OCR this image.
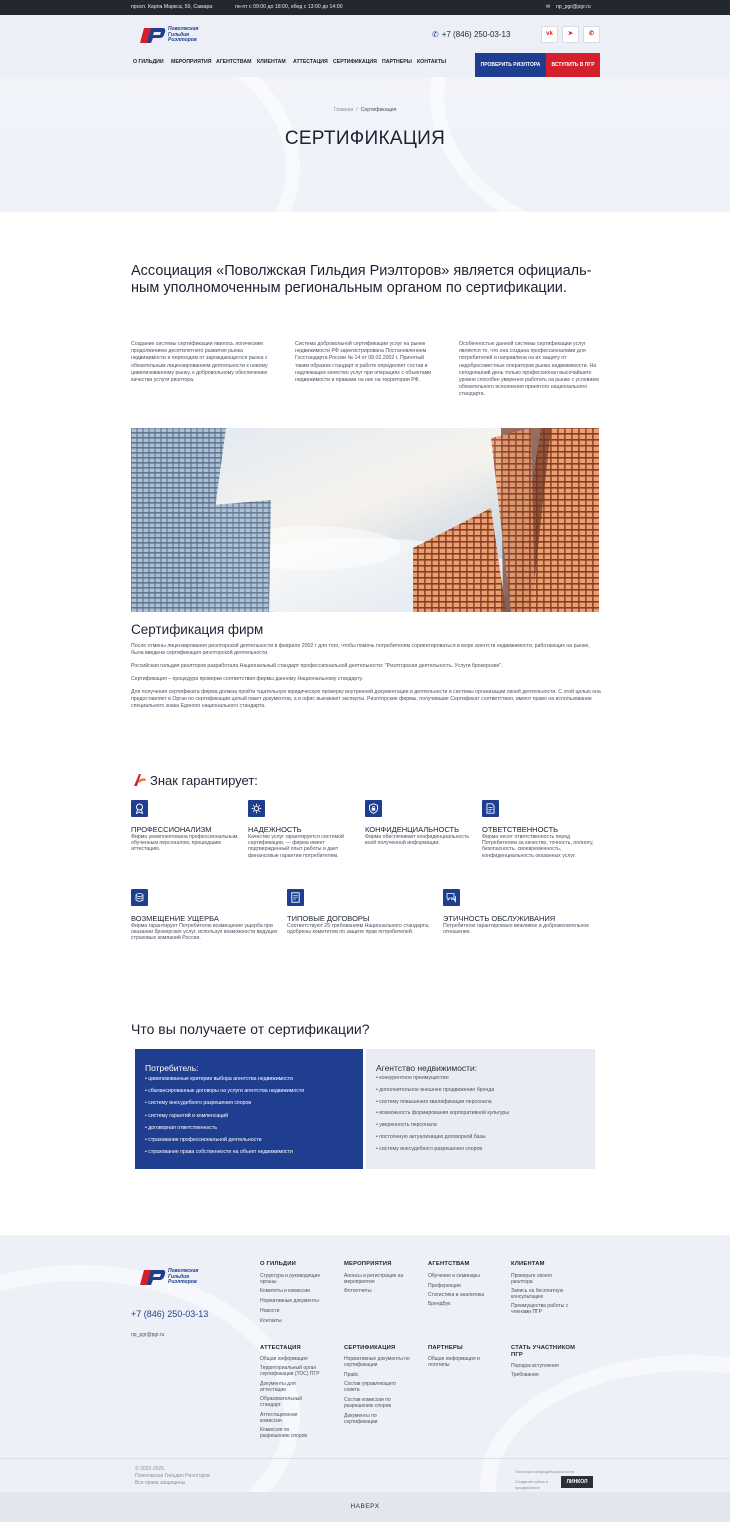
просп. Карла Маркса, 59, Самара	пн-пт с 09:00 до 18:00, обед с 13:00 до 14:00	✉ np_pgr@pgr.ru
Поволжская
Гильдия
Риэлторов
✆ +7 (846) 250-03-13	vk	➤	✆
О ГИЛЬДИИ МЕРОПРИЯТИЯ АГЕНТСТВАМ КЛИЕНТАМ АТТЕСТАЦИЯ СЕРТИФИКАЦИЯ ПАРТНЕРЫ КОНТАКТЫ	ПРОВЕРИТЬ РИЭЛТОРА	ВСТУПИТЬ В ПГР
Главная / Сертификация
СЕРТИФИКАЦИЯ
Ассоциация «Поволжская Гильдия Риэлторов» является официаль-
ным уполномоченным региональным органом по сертификации.
Создание системы сертификации явилось логическим продолжением десятилетнего развития рынка недвижимости и переходом от зарождающегося рынка с обязательным лицензированием деятельности к новому цивилизованному рынку, к добровольному обеспечению качества услуги риэлтора.
Система добровольной сертификации услуг на рынке недвижимости РФ зарегистрирована Постановлением Госстандарта России № 14 от 08.02.2002 г. Принятый таким образом стандарт в работе определяет состав и надлежащее качество услуг при операциях с объектами недвижимости и правами на них на территории РФ.
Особенностью данной системы сертификации услуг является то, что она создана профессионалами для потребителей и направлена на их защиту от недобросовестных операторов рынка недвижимости. На сегодняшний день только профессионал высочайшего уровня способен уверенно работать на рынке с условием обязательного исполнения принятого национального стандарта.
Сертификация фирм
После отмены лицензирования риэлторской деятельности в феврале 2002 г для того, чтобы помочь потребителям сориентироваться в море агентств недвижимости, работающих на рынке, была введена сертификация риэлторской деятельности.
Российская гильдия риэлторов разработала Национальный стандарт профессиональной деятельности: "Риэлторская деятельность. Услуги брокерские".
Сертификация – процедура проверки соответствия фирмы данному Национальному стандарту.
Для получения сертификата фирма должна пройти тщательную юридическую проверку внутренней документации и деятельности и системы организации своей деятельности. С этой целью она предоставляет в Орган по сертификации целый пакет документов, а в офис выезжают эксперты. Риэлторские фирмы, получившие Сертификат соответствия, имеют право на использование специального знака Единого национального стандарта.
Знак гарантирует:
ПРОФЕССИОНАЛИЗМ
Фирма укомплектована профессиональным, обученным персоналом, прошедшим аттестацию.
НАДЕЖНОСТЬ
Качество услуг гарантируется системой сертификации, — фирма имеет подтвержденный опыт работы и дает финансовые гарантии потребителям.
КОНФИДЕНЦИАЛЬНОСТЬ
Фирма обеспечивает конфиденциальность всей полученной информации.
ОТВЕТСТВЕННОСТЬ
Фирма несет ответственность перед Потребителем за качество, точность, полноту, безопасность, своевременность, конфиденциальность оказанных услуг.
ВОЗМЕЩЕНИЕ УЩЕРБА
Фирма гарантирует Потребителю возмещение ущерба при оказании брокерских услуг, используя возможности ведущих страховых компаний России.
ТИПОВЫЕ ДОГОВОРЫ
Соответствуют 25 требованиям Национального стандарта, одобрены комитетом по защите прав потребителей.
ЭТИЧНОСТЬ ОБСЛУЖИВАНИЯ
Потребителю гарантировано вежливое и доброжелательное отношение.
Что вы получаете от сертификации?
Потребитель:
• цивилизованные критерии выбора агентства недвижимости
• сбалансированные договоры на услуги агентства недвижимости
• систему внесудебного разрешения споров
• систему гарантий и компенсаций
• договорная ответственность
• страхование профессиональной деятельности
• страхование права собственности на объект недвижимости
Агентство недвижимости:
• конкурентное преимущество
• дополнительное внешнее продвижение бренда
• систему повышения квалификации персонала
• возможность формирования корпоративной культуры
• уверенность персонала
• постоянную актуализацию договорной базы
• систему внесудебного разрешения споров
Поволжская
Гильдия
Риэлторов
+7 (846) 250-03-13
np_pgr@pgr.ru
О ГИЛЬДИИ
Структура и руководящие органы
Комитеты и комиссии
Нормативные документы
Новости
Контакты
МЕРОПРИЯТИЯ
Анонсы и регистрация на мероприятия
Фотоотчеты
АГЕНТСТВАМ
Обучение и семинары
Преференции
Статистика и аналитика
БрендБук
КЛИЕНТАМ
Проверьте своего риэлтора
Запись на бесплатную консультацию
Преимущества работы с членами ПГР
АТТЕСТАЦИЯ
Общая информация
Территориальный орган сертификации (ТОС) ПГР
Документы для аттестации
Образовательный стандарт
Аттестационная комиссия
Комиссия по разрешению споров
СЕРТИФИКАЦИЯ
Нормативные документы по сертификации
Прайс
Состав управляющего совета
Состав комиссии по разрешению споров
Документы по сертификации
ПАРТНЕРЫ
Общая информация и логотипы
СТАТЬ УЧАСТНИКОМ ПГР
Порядок вступления
Требования
© 2022-2025
Поволжская Гильдия Риэлторов
Все права защищены
Политика конфиденциальности
Создание сайта и продвижение
ЛИНКОЛ
НАВЕРХ
